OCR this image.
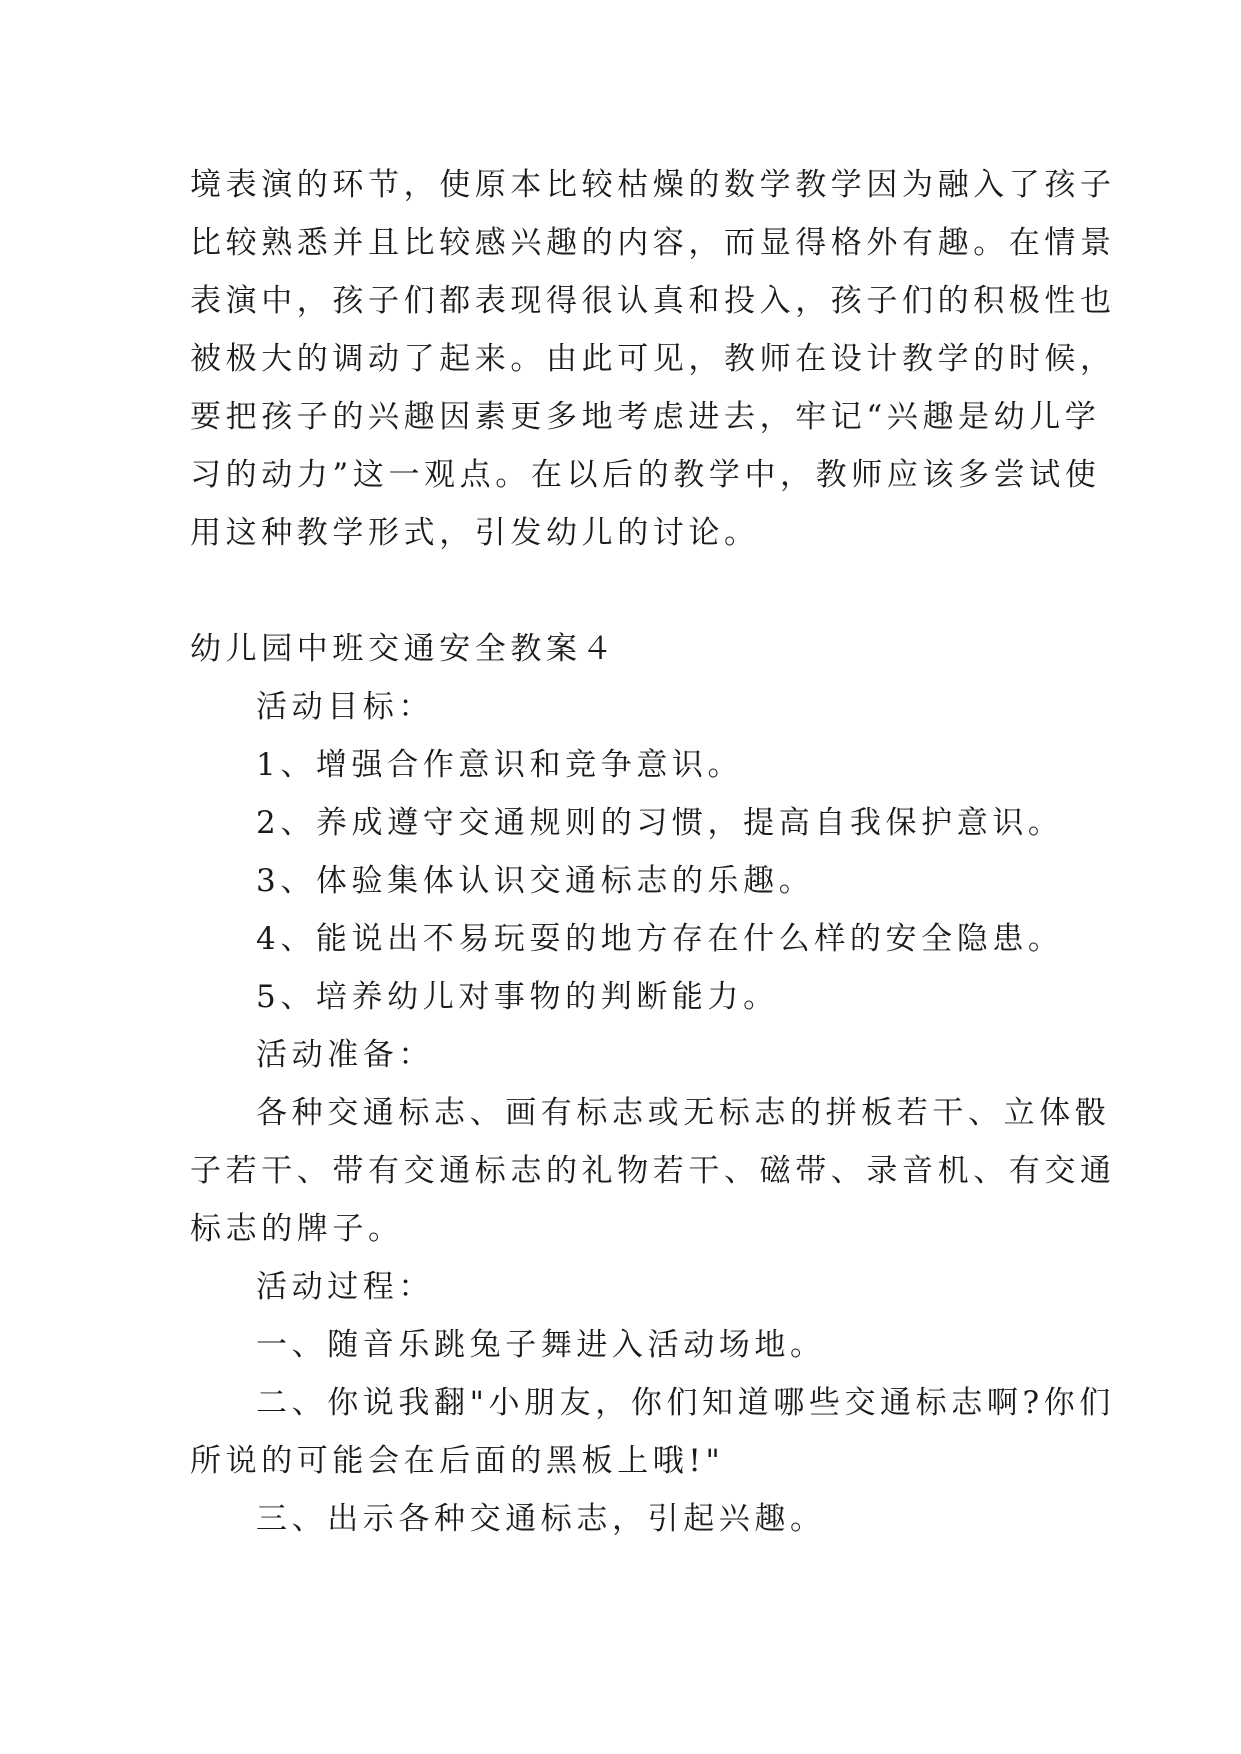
境表演的环节，使原本比较枯燥的数学教学因为融入了孩子

比较熟悉并且比较感兴趣的内容，而显得格外有趣。在情景

表演中，孩子们都表现得很认真和投入，孩子们的积极性也

被极大的调动了起来。由此可见，教师在设计教学的时候，

要把孩子的兴趣因素更多地考虑进去，牢记“兴趣是幼儿学

习的动力”这一观点。在以后的教学中，教师应该多尝试使

用这种教学形式，引发幼儿的讨论。

幼儿园中班交通安全教案４

活动目标：

1、增强合作意识和竞争意识。

2、养成遵守交通规则的习惯，提高自我保护意识。

3、体验集体认识交通标志的乐趣。

4、能说出不易玩耍的地方存在什么样的安全隐患。

5、培养幼儿对事物的判断能力。

活动准备：

各种交通标志、画有标志或无标志的拼板若干、立体骰

子若干、带有交通标志的礼物若干、磁带、录音机、有交通

标志的牌子。

活动过程：

一、随音乐跳兔子舞进入活动场地。

二、你说我翻"小朋友，你们知道哪些交通标志啊?你们

所说的可能会在后面的黑板上哦!"

三、出示各种交通标志，引起兴趣。
